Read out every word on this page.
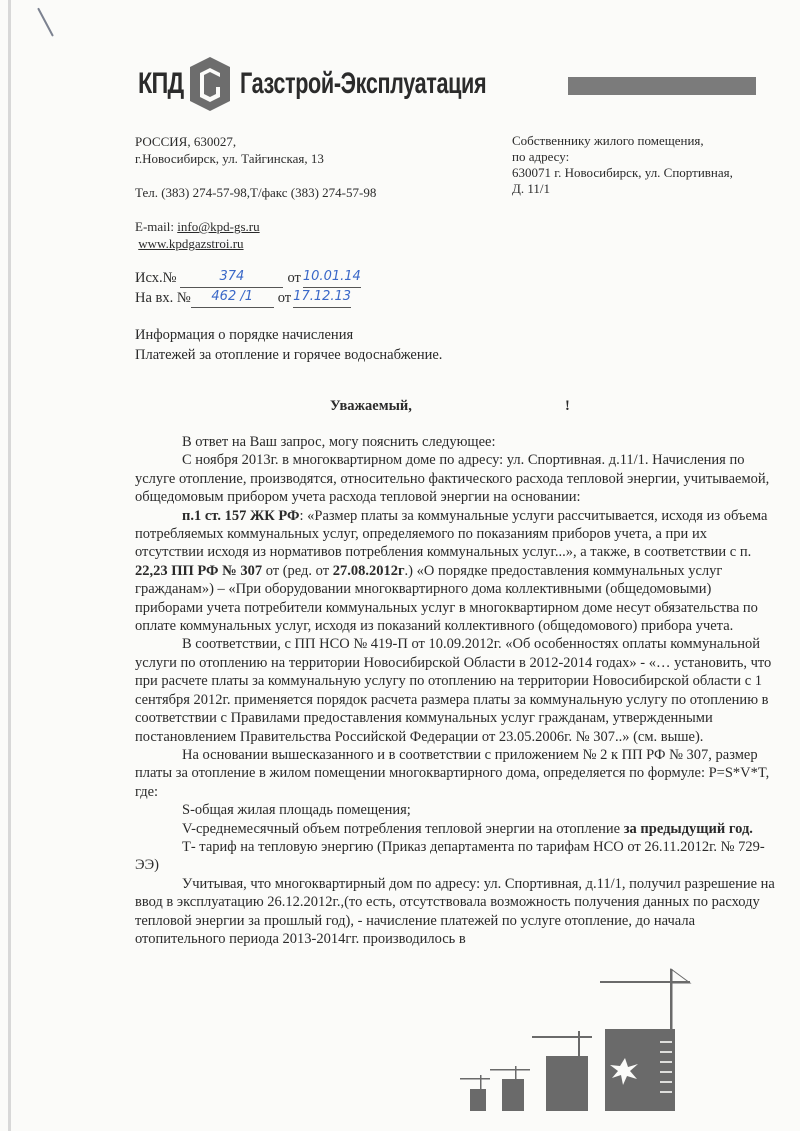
КПД Газстрой-Эксплуатация
РОССИЯ, 630027,
г.Новосибирск, ул. Тайгинская, 13
Тел. (383) 274-57-98,Т/факс (383) 274-57-98
E-mail: info@kpd-gs.ru
www.kpdgazstroi.ru
Собственнику жилого помещения,
по адресу:
630071 г. Новосибирск, ул. Спортивная,
Д. 11/1
Исх.№	374	от 10.01.14
На вх. №	462 /1	от 17.12.13
Информация о порядке начисления
Платежей за отопление и горячее водоснабжение.
Уважаемый,	!

В ответ на Ваш запрос, могу пояснить следующее:

С ноября 2013г. в многоквартирном доме по адресу: ул. Спортивная. д.11/1. Начисления по услуге отопление, производятся, относительно фактического расхода тепловой энергии, учитываемой, общедомовым прибором учета расхода тепловой энергии на основании:

п.1 ст. 157 ЖК РФ: «Размер платы за коммунальные услуги рассчитывается, исходя из объема потребляемых коммунальных услуг, определяемого по показаниям приборов учета, а при их отсутствии исходя из нормативов потребления коммунальных услуг...», а также, в соответствии с п. 22,23 ПП РФ № 307 от (ред. от 27.08.2012г.) «О порядке предоставления коммунальных услуг гражданам») – «При оборудовании многоквартирного дома коллективными (общедомовыми) приборами учета потребители коммунальных услуг в многоквартирном доме несут обязательства по оплате коммунальных услуг, исходя из показаний коллективного (общедомового) прибора учета.

В соответствии, с ПП НСО № 419-П от 10.09.2012г. «Об особенностях оплаты коммунальной услуги по отоплению на территории Новосибирской Области в 2012-2014 годах» - «… установить, что при расчете платы за коммунальную услугу по отоплению на территории Новосибирской области с 1 сентября 2012г. применяется порядок расчета размера платы за коммунальную услугу по отоплению в соответствии с Правилами предоставления коммунальных услуг гражданам, утвержденными постановлением Правительства Российской Федерации от 23.05.2006г. № 307..» (см. выше).

На основании вышесказанного и в соответствии с приложением № 2 к ПП РФ № 307, размер платы за отопление в жилом помещении многоквартирного дома, определяется по формуле: P=S*V*T, где:

S-общая жилая площадь помещения;

V-среднемесячный объем потребления тепловой энергии на отопление за предыдущий год.

Т- тариф на тепловую энергию (Приказ департамента по тарифам НСО от 26.11.2012г. № 729-ЭЭ)

Учитывая, что многоквартирный дом по адресу: ул. Спортивная, д.11/1, получил разрешение на ввод в эксплуатацию 26.12.2012г.,(то есть, отсутствовала возможность получения данных по расходу тепловой энергии за прошлый год), - начисление платежей по услуге отопление, до начала отопительного периода 2013-2014гг. производилось в
